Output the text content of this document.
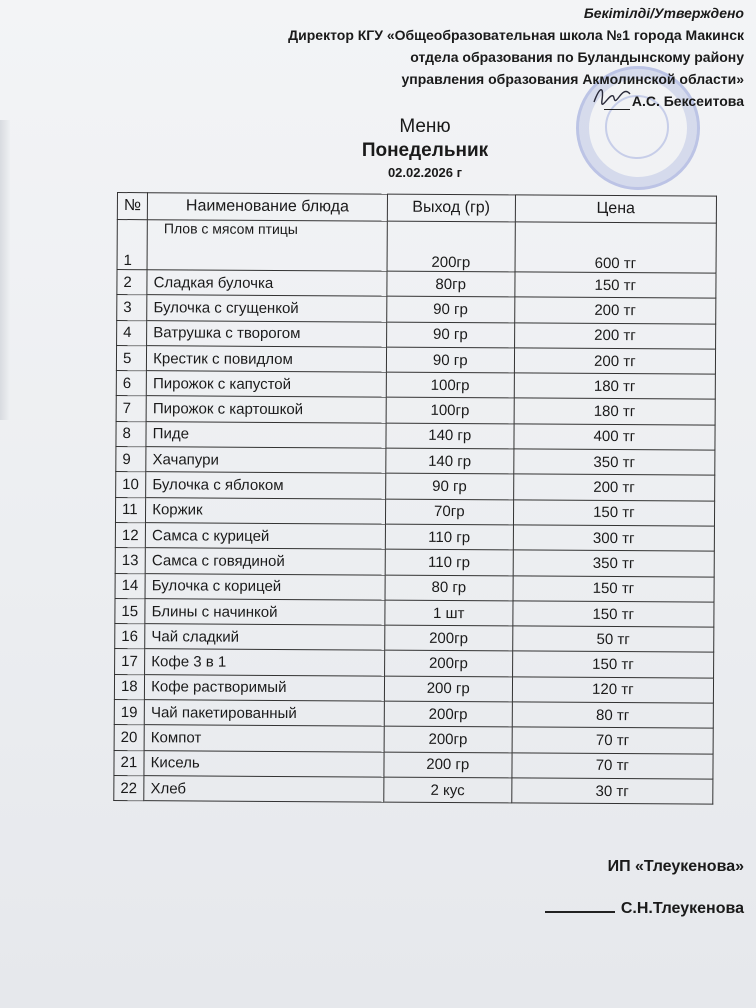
Бекітілді/Утверждено
Директор КГУ «Общеобразовательная школа №1 города Макинск
отдела образования по Буландынскому району
управления образования Акмолинской области»
А.С. Бексеитова
Меню
Понедельник
02.02.2026 г
№	Наименование блюда	Выход (гр)	Цена
1	Плов с мясом птицы	200гр	600 тг
2	Сладкая булочка	80гр	150 тг
3	Булочка с сгущенкой	90 гр	200 тг
4	Ватрушка с творогом	90 гр	200 тг
5	Крестик с повидлом	90 гр	200 тг
6	Пирожок с капустой	100гр	180 тг
7	Пирожок с картошкой	100гр	180 тг
8	Пиде	140 гр	400 тг
9	Хачапури	140 гр	350 тг
10	Булочка с яблоком	90 гр	200 тг
11	Коржик	70гр	150 тг
12	Самса с курицей	110 гр	300 тг
13	Самса с говядиной	110 гр	350 тг
14	Булочка с корицей	80 гр	150 тг
15	Блины с начинкой	1 шт	150 тг
16	Чай сладкий	200гр	50 тг
17	Кофе 3 в 1	200гр	150 тг
18	Кофе растворимый	200 гр	120 тг
19	Чай пакетированный	200гр	80 тг
20	Компот	200гр	70 тг
21	Кисель	200 гр	70 тг
22	Хлеб	2 кус	30 тг
ИП «Тлеукенова»
С.Н.Тлеукенова
